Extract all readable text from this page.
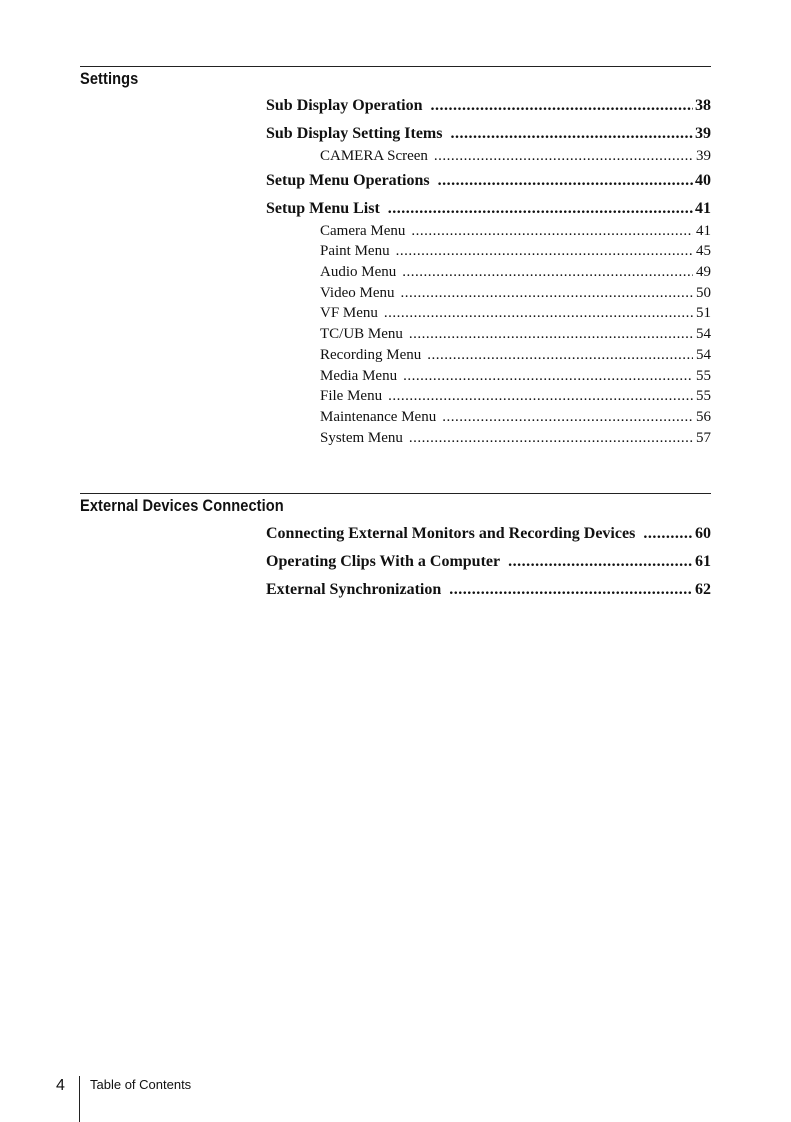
Settings
Sub Display Operation .....	38
Sub Display Setting Items .....	39
CAMERA Screen .....	39
Setup Menu Operations .....	40
Setup Menu List .....	41
Camera Menu .....	41
Paint Menu .....	45
Audio Menu .....	49
Video Menu .....	50
VF Menu .....	51
TC/UB Menu .....	54
Recording Menu .....	54
Media Menu .....	55
File Menu .....	55
Maintenance Menu .....	56
System Menu .....	57
External Devices Connection
Connecting External Monitors and Recording Devices .....	60
Operating Clips With a Computer .....	61
External Synchronization .....	62
4 Table of Contents
